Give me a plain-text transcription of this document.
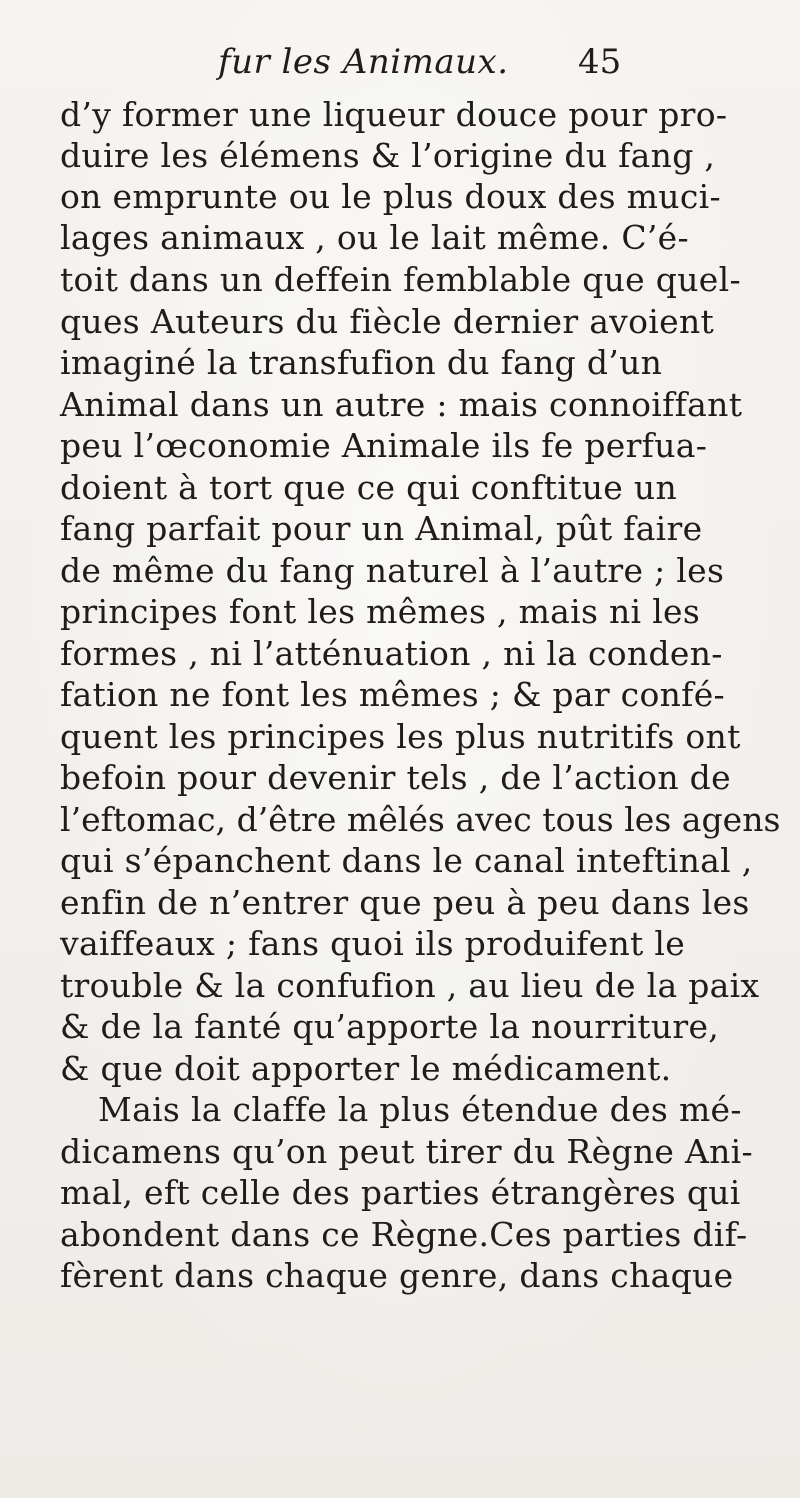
fur les Animaux. 45
d’y former une liqueur douce pour pro-
duire les élémens & l’origine du fang ,
on emprunte ou le plus doux des muci-
lages animaux , ou le lait même. C’é-
toit dans un deffein femblable que quel-
ques Auteurs du fiècle dernier avoient
imaginé la transfufion du fang d’un
Animal dans un autre : mais connoiffant
peu l’œconomie Animale ils fe perfua-
doient à tort que ce qui conftitue un
fang parfait pour un Animal, pût faire
de même du fang naturel à l’autre ; les
principes font les mêmes , mais ni les
formes , ni l’atténuation , ni la conden-
fation ne font les mêmes ; & par confé-
quent les principes les plus nutritifs ont
befoin pour devenir tels , de l’action de
l’eftomac, d’être mêlés avec tous les agens
qui s’épanchent dans le canal inteftinal ,
enfin de n’entrer que peu à peu dans les
vaiffeaux ; fans quoi ils produifent le
trouble & la confufion , au lieu de la paix
& de la fanté qu’apporte la nourriture,
& que doit apporter le médicament.
Mais la claffe la plus étendue des mé-
dicamens qu’on peut tirer du Règne Ani-
mal, eft celle des parties étrangères qui
abondent dans ce Règne.Ces parties dif-
fèrent dans chaque genre, dans chaque
